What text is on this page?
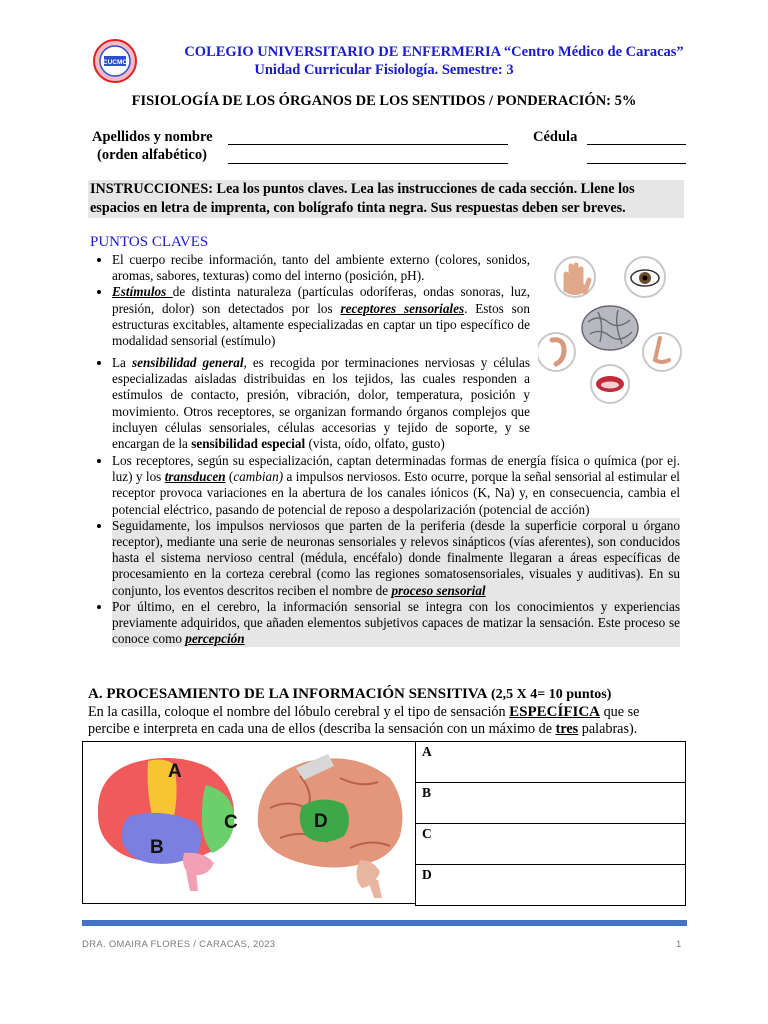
CUCMC
COLEGIO UNIVERSITARIO DE ENFERMERIA “Centro Médico de Caracas”
Unidad Curricular Fisiología. Semestre: 3
FISIOLOGÍA DE LOS ÓRGANOS DE LOS SENTIDOS / PONDERACIÓN: 5%
Apellidos y nombre
(orden alfabético)
Cédula
INSTRUCCIONES: Lea los puntos claves. Lea las instrucciones de cada sección. Llene los espacios en letra de imprenta, con bolígrafo tinta negra. Sus respuestas deben ser breves.
PUNTOS CLAVES
• El cuerpo recibe información, tanto del ambiente externo (colores, sonidos, aromas, sabores, texturas) como del interno (posición, pH).
• Estímulos de distinta naturaleza (partículas odoríferas, ondas sonoras, luz, presión, dolor) son detectados por los receptores sensoriales. Estos son estructuras excitables, altamente especializadas en captar un tipo específico de modalidad sensorial (estímulo)
• La sensibilidad general, es recogida por terminaciones nerviosas y células especializadas aisladas distribuidas en los tejidos, las cuales responden a estímulos de contacto, presión, vibración, dolor, temperatura, posición y movimiento. Otros receptores, se organizan formando órganos complejos que incluyen células sensoriales, células accesorias y tejido de soporte, y se encargan de la sensibilidad especial (vista, oído, olfato, gusto)
• Los receptores, según su especialización, captan determinadas formas de energía física o química (por ej. luz) y los transducen (cambian) a impulsos nerviosos. Esto ocurre, porque la señal sensorial al estimular el receptor provoca variaciones en la abertura de los canales iónicos (K, Na) y, en consecuencia, cambia el potencial eléctrico, pasando de potencial de reposo a despolarización (potencial de acción)
• Seguidamente, los impulsos nerviosos que parten de la periferia (desde la superficie corporal u órgano receptor), mediante una serie de neuronas sensoriales y relevos sinápticos (vías aferentes), son conducidos hasta el sistema nervioso central (médula, encéfalo) donde finalmente llegaran a áreas específicas de procesamiento en la corteza cerebral (como las regiones somatosensoriales, visuales y auditivas). En su conjunto, los eventos descritos reciben el nombre de proceso sensorial
• Por último, en el cerebro, la información sensorial se integra con los conocimientos y experiencias previamente adquiridos, que añaden elementos subjetivos capaces de matizar la sensación. Este proceso se conoce como percepción
A. PROCESAMIENTO DE LA INFORMACIÓN SENSITIVA (2,5 X 4= 10 puntos)
En la casilla, coloque el nombre del lóbulo cerebral y el tipo de sensación ESPECÍFICA que se percibe e interpreta en cada una de ellos (describa la sensación con un máximo de tres palabras).
A
B
C	D
A
B
C
D
DRA. OMAIRA FLORES / CARACAS, 2023	1
